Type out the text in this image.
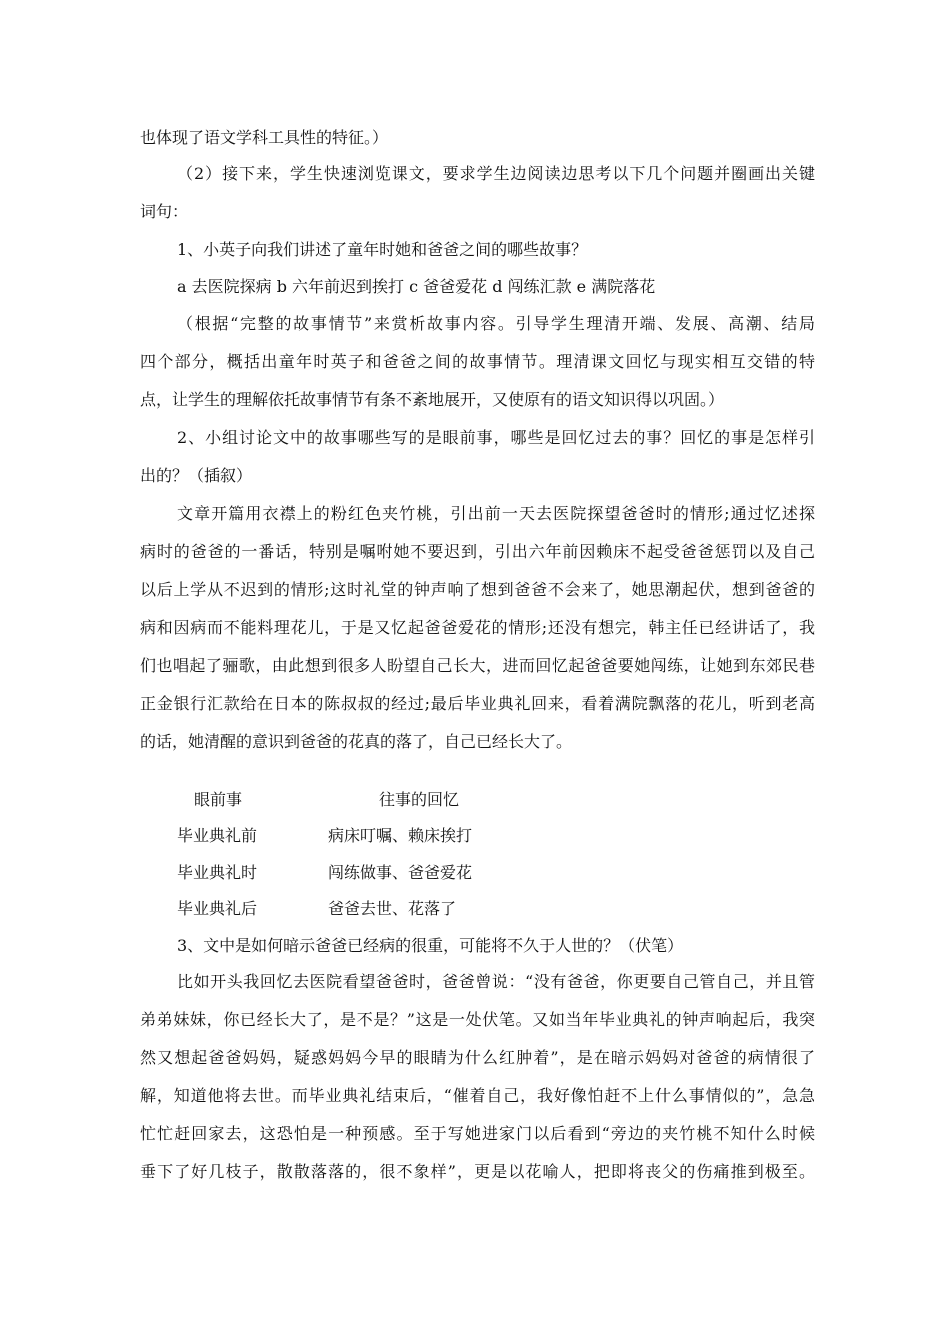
也体现了语文学科工具性的特征。）
（2）接下来，学生快速浏览课文，要求学生边阅读边思考以下几个问题并圈画出关键
词句：
1、小英子向我们讲述了童年时她和爸爸之间的哪些故事？
a 去医院探病 b 六年前迟到挨打 c 爸爸爱花 d 闯练汇款 e 满院落花
（根据“完整的故事情节”来赏析故事内容。引导学生理清开端、发展、高潮、结局
四个部分，概括出童年时英子和爸爸之间的故事情节。理清课文回忆与现实相互交错的特
点，让学生的理解依托故事情节有条不紊地展开，又使原有的语文知识得以巩固。）
2、小组讨论文中的故事哪些写的是眼前事，哪些是回忆过去的事？回忆的事是怎样引
出的？（插叙）
文章开篇用衣襟上的粉红色夹竹桃，引出前一天去医院探望爸爸时的情形;通过忆述探
病时的爸爸的一番话，特别是嘱咐她不要迟到，引出六年前因赖床不起受爸爸惩罚以及自己
以后上学从不迟到的情形;这时礼堂的钟声响了想到爸爸不会来了，她思潮起伏，想到爸爸的
病和因病而不能料理花儿，于是又忆起爸爸爱花的情形;还没有想完，韩主任已经讲话了，我
们也唱起了骊歌，由此想到很多人盼望自己长大，进而回忆起爸爸要她闯练，让她到东郊民巷
正金银行汇款给在日本的陈叔叔的经过;最后毕业典礼回来，看着满院飘落的花儿，听到老高
的话，她清醒的意识到爸爸的花真的落了，自己已经长大了。
眼前事	往事的回忆
毕业典礼前	病床叮嘱、赖床挨打
毕业典礼时	闯练做事、爸爸爱花
毕业典礼后	爸爸去世、花落了
3、文中是如何暗示爸爸已经病的很重，可能将不久于人世的？（伏笔）
比如开头我回忆去医院看望爸爸时，爸爸曾说：“没有爸爸，你更要自己管自己，并且管
弟弟妹妹，你已经长大了，是不是？”这是一处伏笔。又如当年毕业典礼的钟声响起后，我突
然又想起爸爸妈妈，疑惑妈妈今早的眼睛为什么红肿着”，是在暗示妈妈对爸爸的病情很了
解，知道他将去世。而毕业典礼结束后，“催着自己，我好像怕赶不上什么事情似的”，急急
忙忙赶回家去，这恐怕是一种预感。至于写她进家门以后看到“旁边的夹竹桃不知什么时候
垂下了好几枝子，散散落落的，很不象样”，更是以花喻人，把即将丧父的伤痛推到极至。
